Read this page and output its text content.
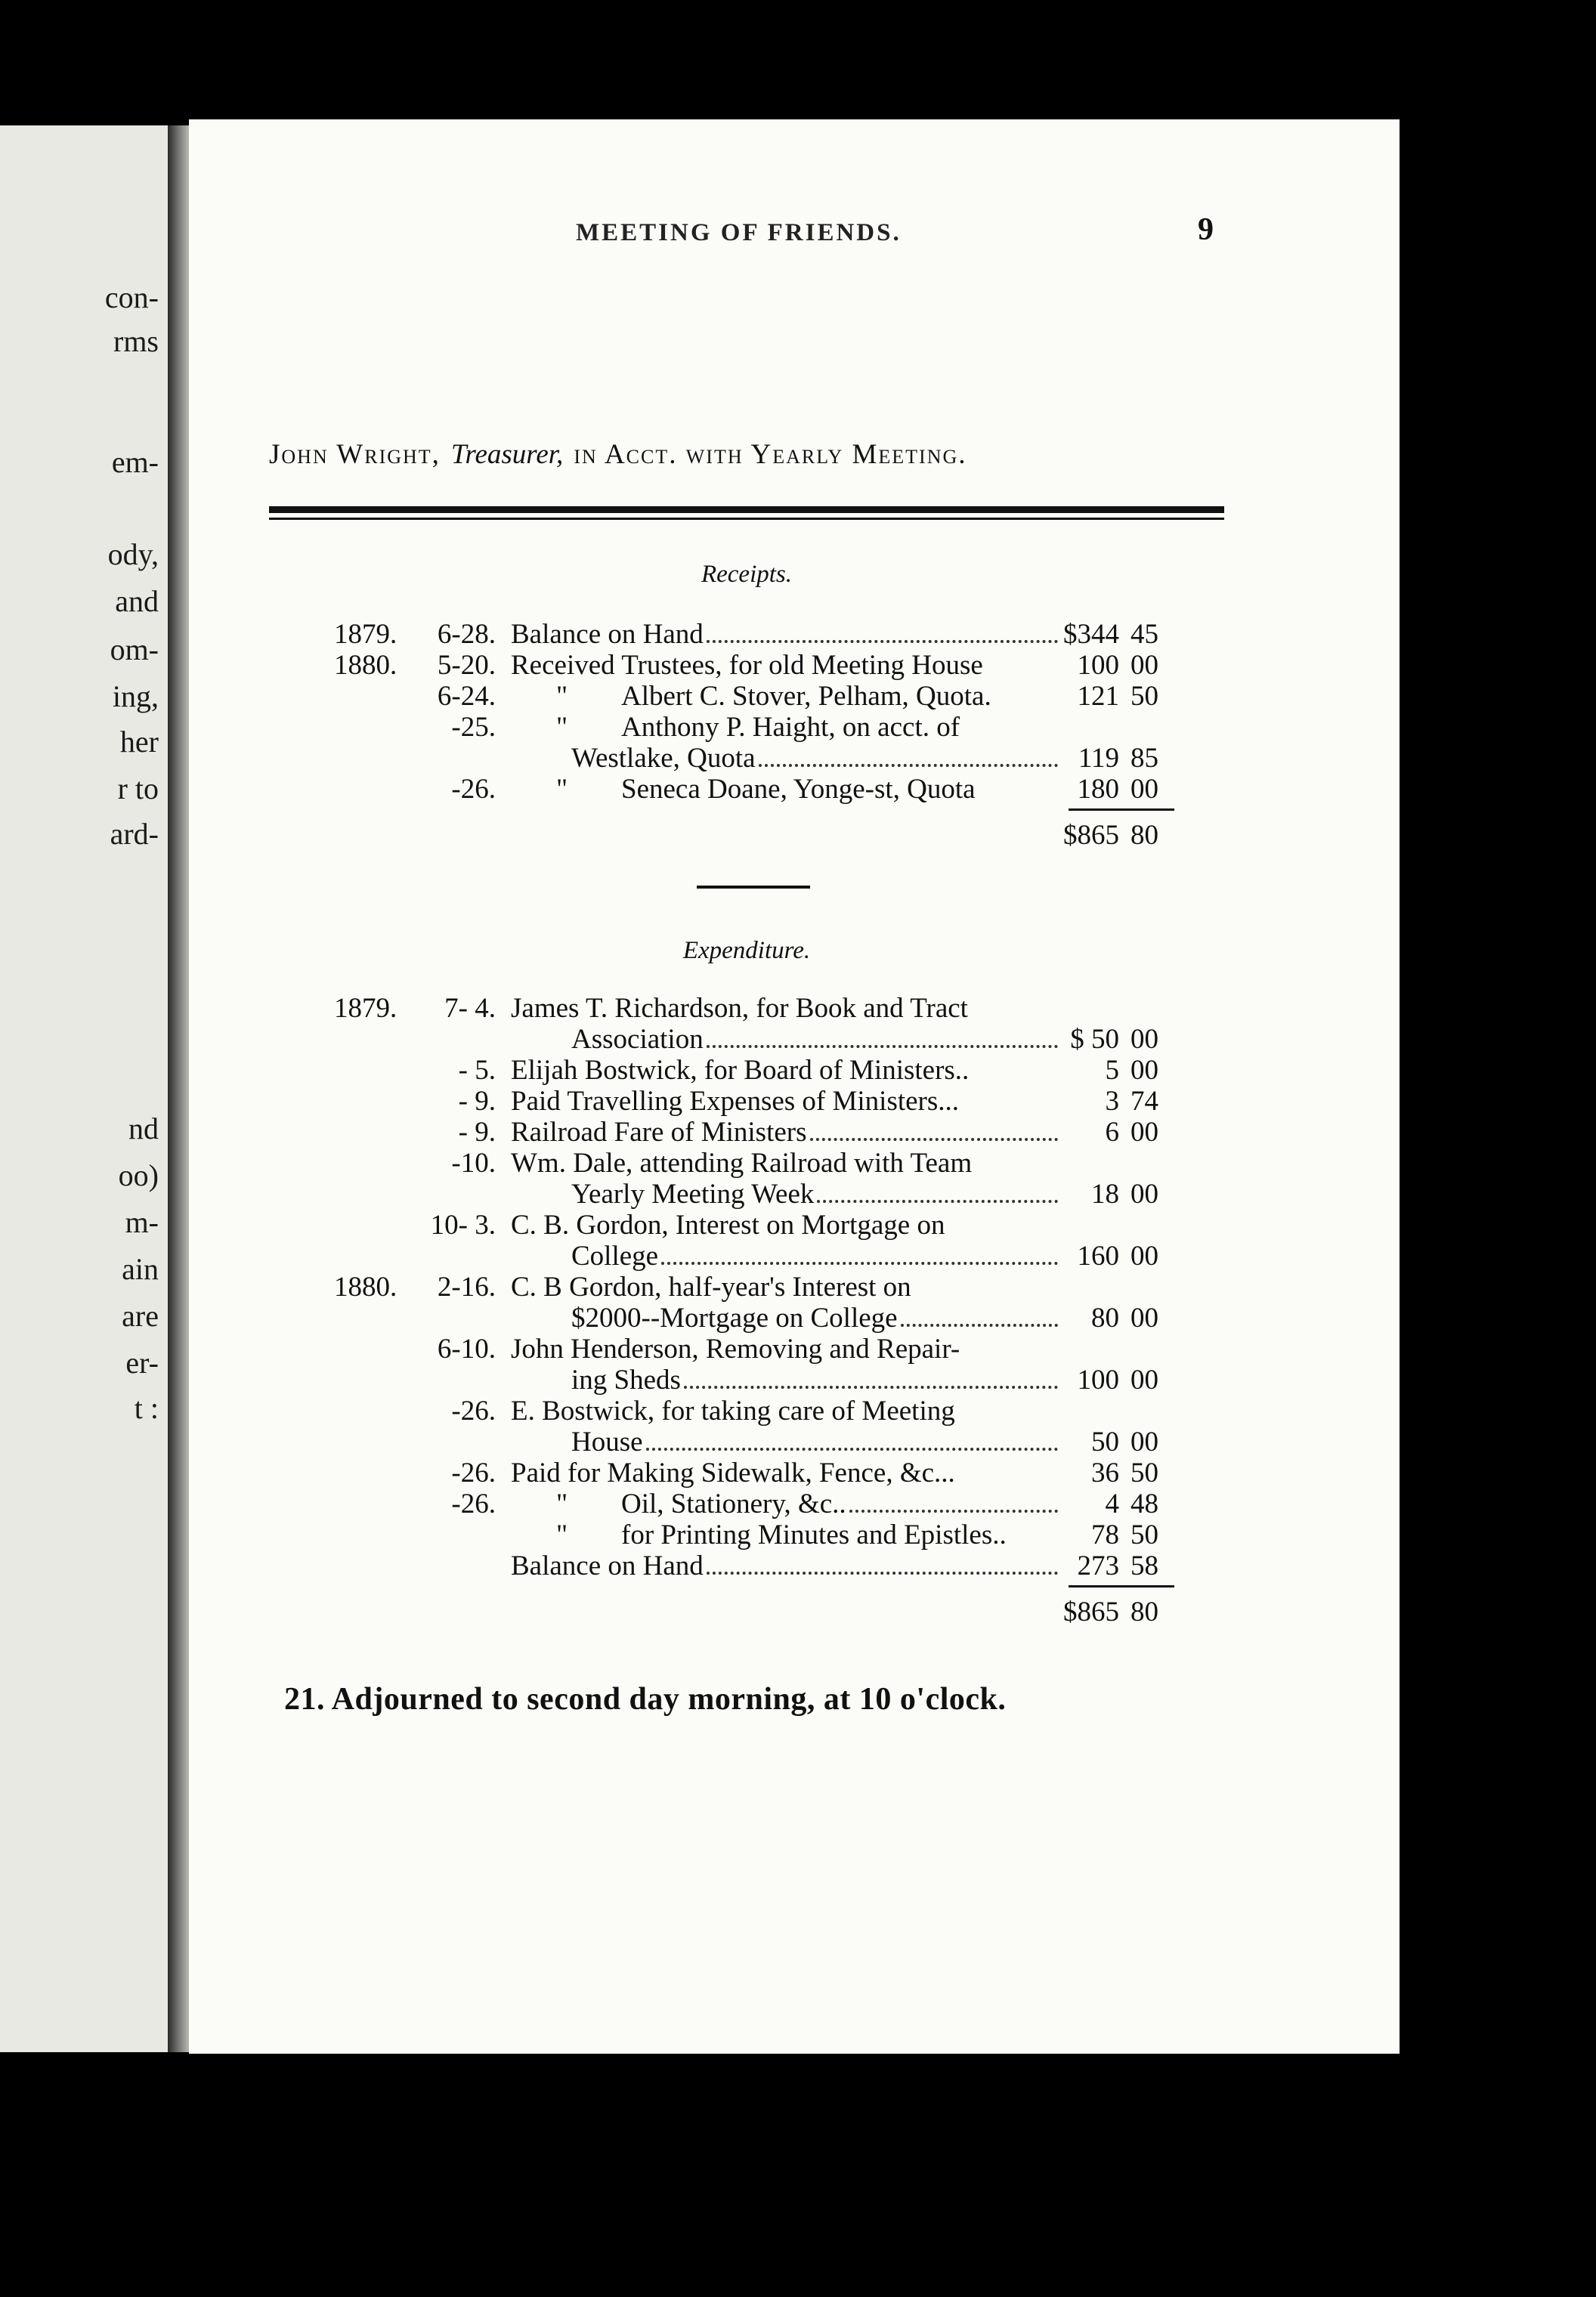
con-

rms

em-

ody,

and

om-

ing,

her

r to

ard-

nd

oo)

m-

ain

are

er-

t :

MEETING OF FRIENDS.	9
John Wright, Treasurer, in Acct. with Yearly Meeting.
Receipts.
1879.	6-28. Balance on Hand	$344 45
1880.	5-20. Received Trustees, for old Meeting House	100 00
6-24. " Albert C. Stover, Pelham, Quota.	121 50
-25. " Anthony P. Haight, on acct. of
Westlake, Quota	119 85
-26. " Seneca Doane, Yonge-st, Quota	180 00
$865 80
Expenditure.
1879.	7- 4. James T. Richardson, for Book and Tract
Association	$ 50 00
- 5. Elijah Bostwick, for Board of Ministers..	5 00
- 9. Paid Travelling Expenses of Ministers...	3 74
- 9. Railroad Fare of Ministers	6 00
-10. Wm. Dale, attending Railroad with Team
Yearly Meeting Week	18 00
10- 3. C. B. Gordon, Interest on Mortgage on
College	160 00
1880.	2-16. C. B Gordon, half-year's Interest on
$2000--Mortgage on College	80 00
6-10. John Henderson, Removing and Repair-
ing Sheds	100 00
-26. E. Bostwick, for taking care of Meeting
House	50 00
-26. Paid for Making Sidewalk, Fence, &c...	36 50
-26. " Oil, Stationery, &c..	4 48
" for Printing Minutes and Epistles..	78 50
Balance on Hand	273 58
$865 80
21. Adjourned to second day morning, at 10 o'clock.
